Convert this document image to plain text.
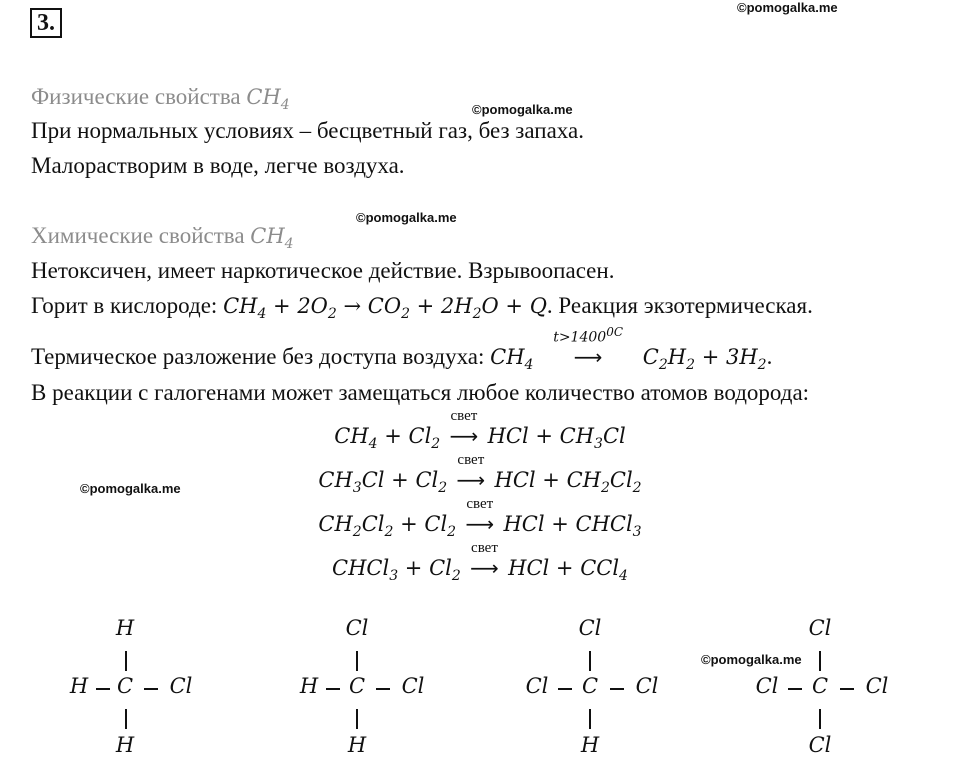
3.
©pomogalka.me
©pomogalka.me
©pomogalka.me
©pomogalka.me
©pomogalka.me
Физические свойства $CH_4$
При нормальных условиях – бесцветный газ, без запаха.
Малорастворим в воде, легче воздуха.
Химические свойства $CH_4$
Нетоксичен, имеет наркотическое действие. Взрывоопасен.
Горит в кислороде: $CH_4 + 2O_2 \to CO_2 + 2H_2O + Q$. Реакция экзотермическая.
Термическое разложение без доступа воздуха: $CH_4$
$t>1400^{0C}$
⟶ $C_2H_2 + 3H_2$.
В реакции с галогенами может замещаться любое количество атомов водорода:
$CH_4 + Cl_2$
свет
⟶ HCl + $CH_3Cl$
$CH_3Cl + Cl_2$
свет
⟶ HCl + $CH_2Cl_2$
$CH_2Cl_2 + Cl_2$
свет
⟶ HCl + CHCl$_3$
CHCl$_3$ + $Cl_2$
свет
⟶ HCl + CCl$_4$
H
H	C	Cl
H
Cl
H	C	Cl
H
Cl
Cl	C	Cl
H
Cl
Cl	C	Cl
Cl
